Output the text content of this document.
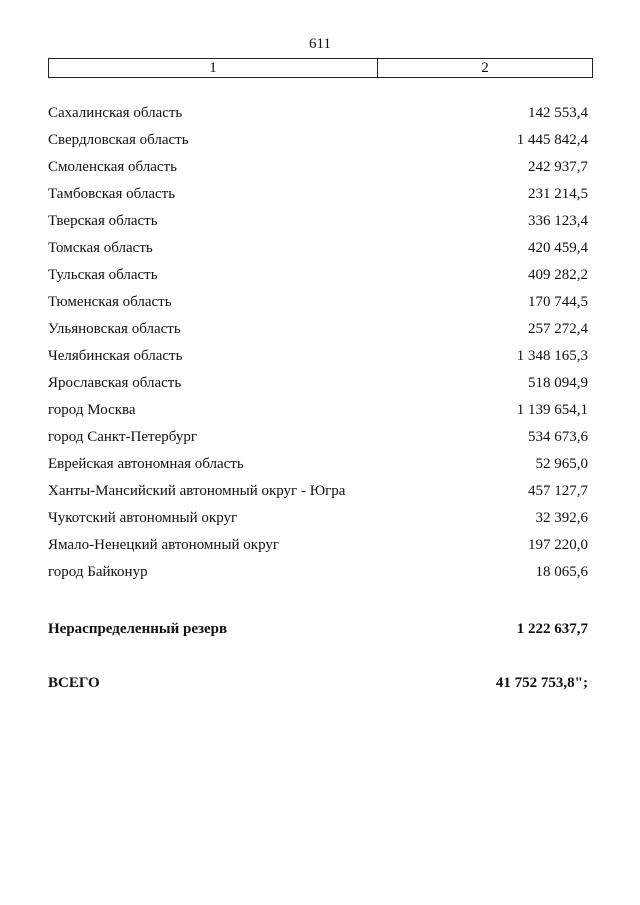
611
1	2
Сахалинская область	142 553,4
Свердловская область	1 445 842,4
Смоленская область	242 937,7
Тамбовская область	231 214,5
Тверская область	336 123,4
Томская область	420 459,4
Тульская область	409 282,2
Тюменская область	170 744,5
Ульяновская область	257 272,4
Челябинская область	1 348 165,3
Ярославская область	518 094,9
город Москва	1 139 654,1
город Санкт-Петербург	534 673,6
Еврейская автономная область	52 965,0
Ханты-Мансийский автономный округ - Югра	457 127,7
Чукотский автономный округ	32 392,6
Ямало-Ненецкий автономный округ	197 220,0
город Байконур	18 065,6
Нераспределенный резерв	1 222 637,7
ВСЕГО	41 752 753,8";
